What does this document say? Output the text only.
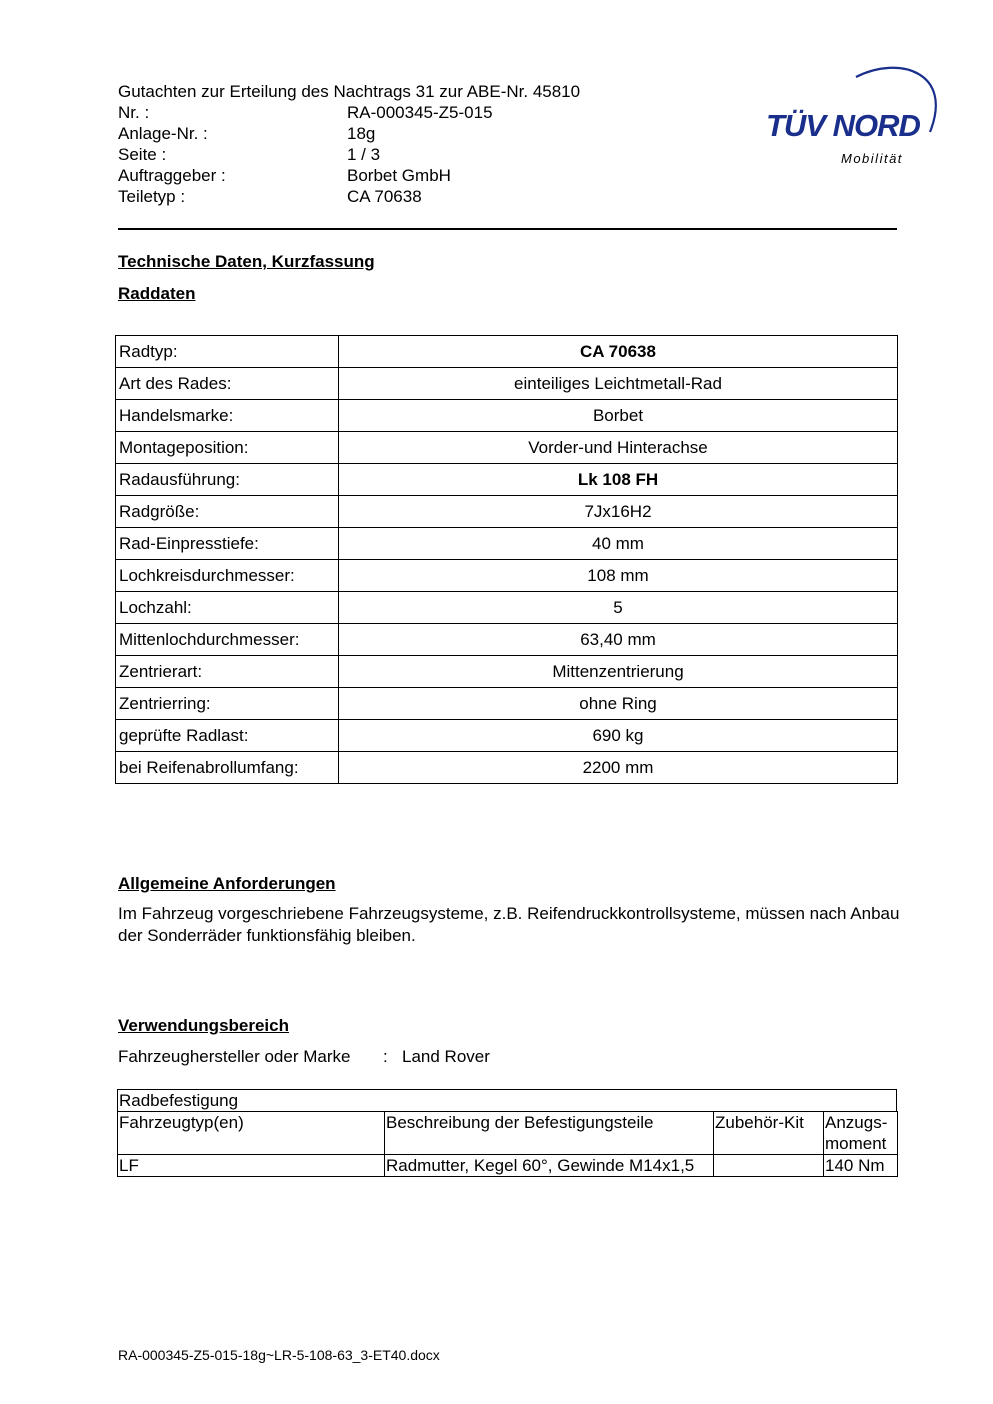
Gutachten zur Erteilung des Nachtrags 31 zur ABE-Nr. 45810
Nr. :	RA-000345-Z5-015
Anlage-Nr. :	18g
Seite :	1 / 3
Auftraggeber :	Borbet GmbH
Teiletyp :	CA 70638
TÜV NORD
Mobilität
Technische Daten, Kurzfassung
Raddaten
Radtyp:	CA 70638
Art des Rades:	einteiliges Leichtmetall-Rad
Handelsmarke:	Borbet
Montageposition:	Vorder-und Hinterachse
Radausführung:	Lk 108 FH
Radgröße:	7Jx16H2
Rad-Einpresstiefe:	40 mm
Lochkreisdurchmesser:	108 mm
Lochzahl:	5
Mittenlochdurchmesser:	63,40 mm
Zentrierart:	Mittenzentrierung
Zentrierring:	ohne Ring
geprüfte Radlast:	690 kg
bei Reifenabrollumfang:	2200 mm
Allgemeine Anforderungen
Im Fahrzeug vorgeschriebene Fahrzeugsysteme, z.B. Reifendruckkontrollsysteme, müssen nach Anbau der Sonderräder funktionsfähig bleiben.
Verwendungsbereich
Fahrzeughersteller oder Marke	: Land Rover
Radbefestigung
Fahrzeugtyp(en)	Beschreibung der Befestigungsteile	Zubehör-Kit	Anzugs-
moment
LF	Radmutter, Kegel 60°, Gewinde M14x1,5		140 Nm
RA-000345-Z5-015-18g~LR-5-108-63_3-ET40.docx
